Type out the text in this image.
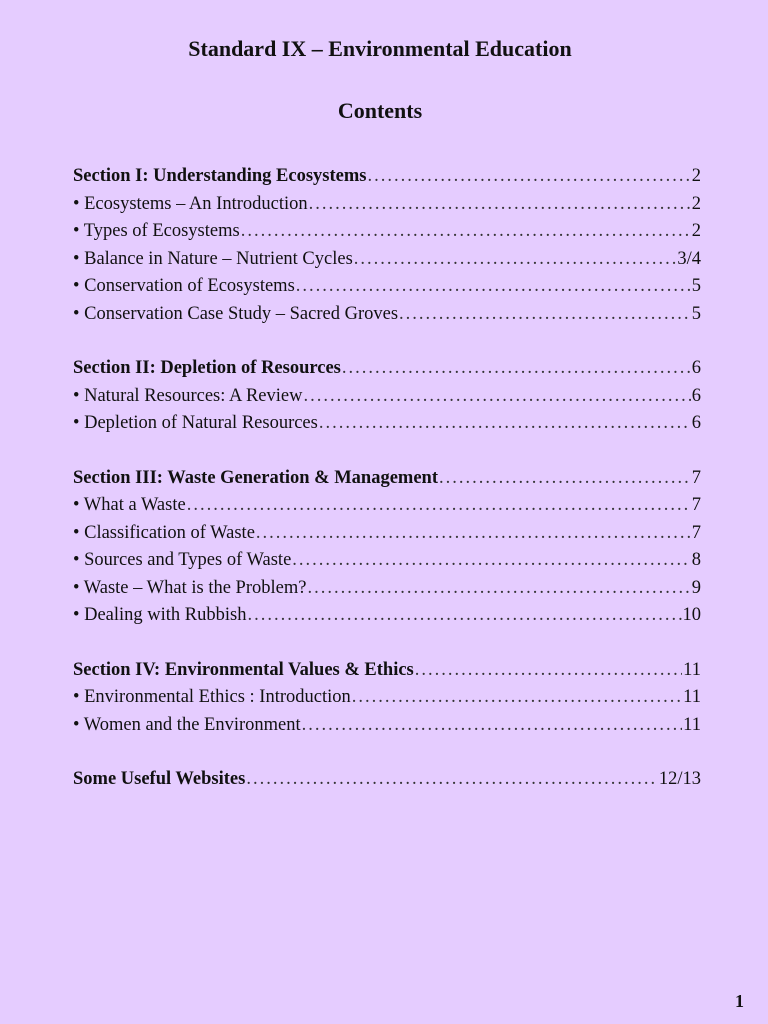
Standard IX – Environmental Education
Contents
Section I: Understanding Ecosystems .....	2
• Ecosystems – An Introduction .....	2
• Types of Ecosystems .....	2
• Balance in Nature – Nutrient Cycles .....	3/4
• Conservation of Ecosystems .....	5
• Conservation Case Study – Sacred Groves .....	5
Section II: Depletion of Resources .....	6
• Natural Resources: A Review .....	6
• Depletion of Natural Resources .....	6
Section III: Waste Generation & Management .....	7
• What a Waste .....	7
• Classification of Waste .....	7
• Sources and Types of Waste .....	8
• Waste – What is the Problem? .....	9
• Dealing with Rubbish .....	10
Section IV: Environmental Values & Ethics .....	11
• Environmental Ethics : Introduction .....	11
• Women and the Environment .....	11
Some Useful Websites .....	12/13
1
